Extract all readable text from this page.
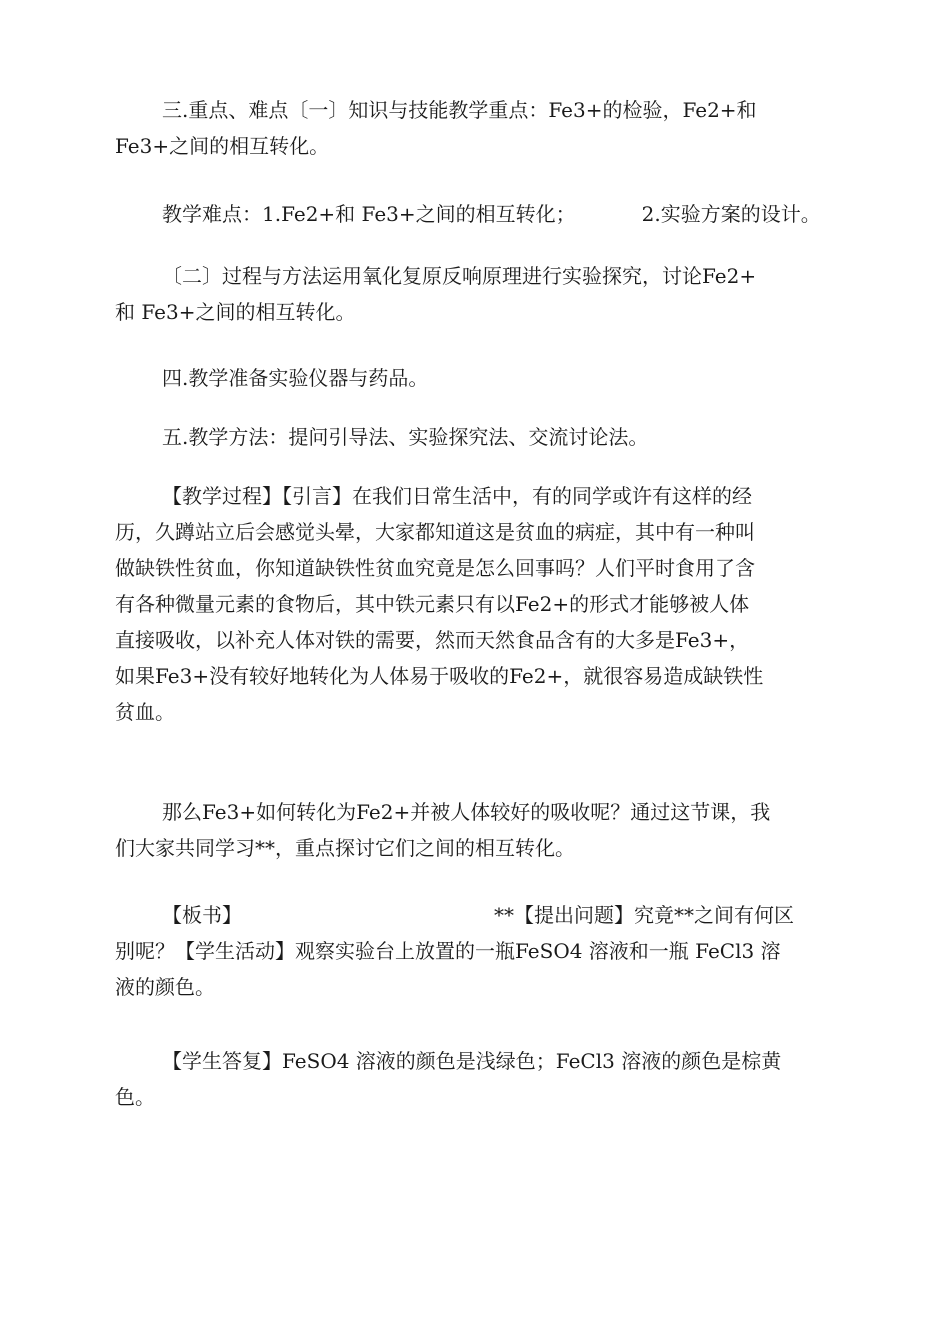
三.重点、难点〔一〕知识与技能教学重点：Fe3+的检验，Fe2+和
Fe3+之间的相互转化。
教学难点：1.Fe2+和 Fe3+之间的相互转化；	2.实验方案的设计。
〔二〕过程与方法运用氧化复原反响原理进行实验探究，讨论Fe2+
和 Fe3+之间的相互转化。
四.教学准备实验仪器与药品。
五.教学方法：提问引导法、实验探究法、交流讨论法。
【教学过程】【引言】在我们日常生活中，有的同学或许有这样的经
历，久蹲站立后会感觉头晕，大家都知道这是贫血的病症，其中有一种叫
做缺铁性贫血，你知道缺铁性贫血究竟是怎么回事吗？人们平时食用了含
有各种微量元素的食物后，其中铁元素只有以Fe2+的形式才能够被人体
直接吸收，以补充人体对铁的需要，然而天然食品含有的大多是Fe3+，
如果Fe3+没有较好地转化为人体易于吸收的Fe2+，就很容易造成缺铁性
贫血。
那么Fe3+如何转化为Fe2+并被人体较好的吸收呢？通过这节课，我
们大家共同学习**，重点探讨它们之间的相互转化。
【板书】	**【提出问题】究竟**之间有何区
别呢？【学生活动】观察实验台上放置的一瓶FeSO4 溶液和一瓶 FeCl3 溶
液的颜色。
【学生答复】FeSO4 溶液的颜色是浅绿色；FeCl3 溶液的颜色是棕黄
色。
